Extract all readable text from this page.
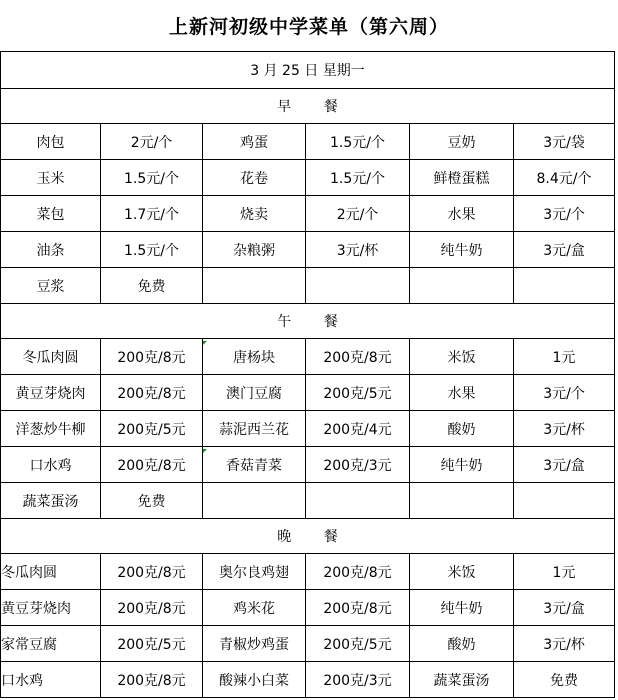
上新河初级中学菜单（第六周）
3 月 25 日 星期一					
早 餐					
肉包	2元/个	鸡蛋	1.5元/个	豆奶	3元/袋
玉米	1.5元/个	花卷	1.5元/个	鲜橙蛋糕	8.4元/个
菜包	1.7元/个	烧卖	2元/个	水果	3元/个
油条	1.5元/个	杂粮粥	3元/杯	纯牛奶	3元/盒
豆浆	免费				
午 餐					
冬瓜肉圆	200克/8元	唐杨块	200克/8元	米饭	1元
黄豆芽烧肉	200克/8元	澳门豆腐	200克/5元	水果	3元/个
洋葱炒牛柳	200克/5元	蒜泥西兰花	200克/4元	酸奶	3元/杯
口水鸡	200克/8元	香菇青菜	200克/3元	纯牛奶	3元/盒
蔬菜蛋汤	免费				
晚 餐					
冬瓜肉圆	200克/8元	奥尔良鸡翅	200克/8元	米饭	1元
黄豆芽烧肉	200克/8元	鸡米花	200克/8元	纯牛奶	3元/盒
家常豆腐	200克/5元	青椒炒鸡蛋	200克/5元	酸奶	3元/杯
口水鸡	200克/8元	酸辣小白菜	200克/3元	蔬菜蛋汤	免费
